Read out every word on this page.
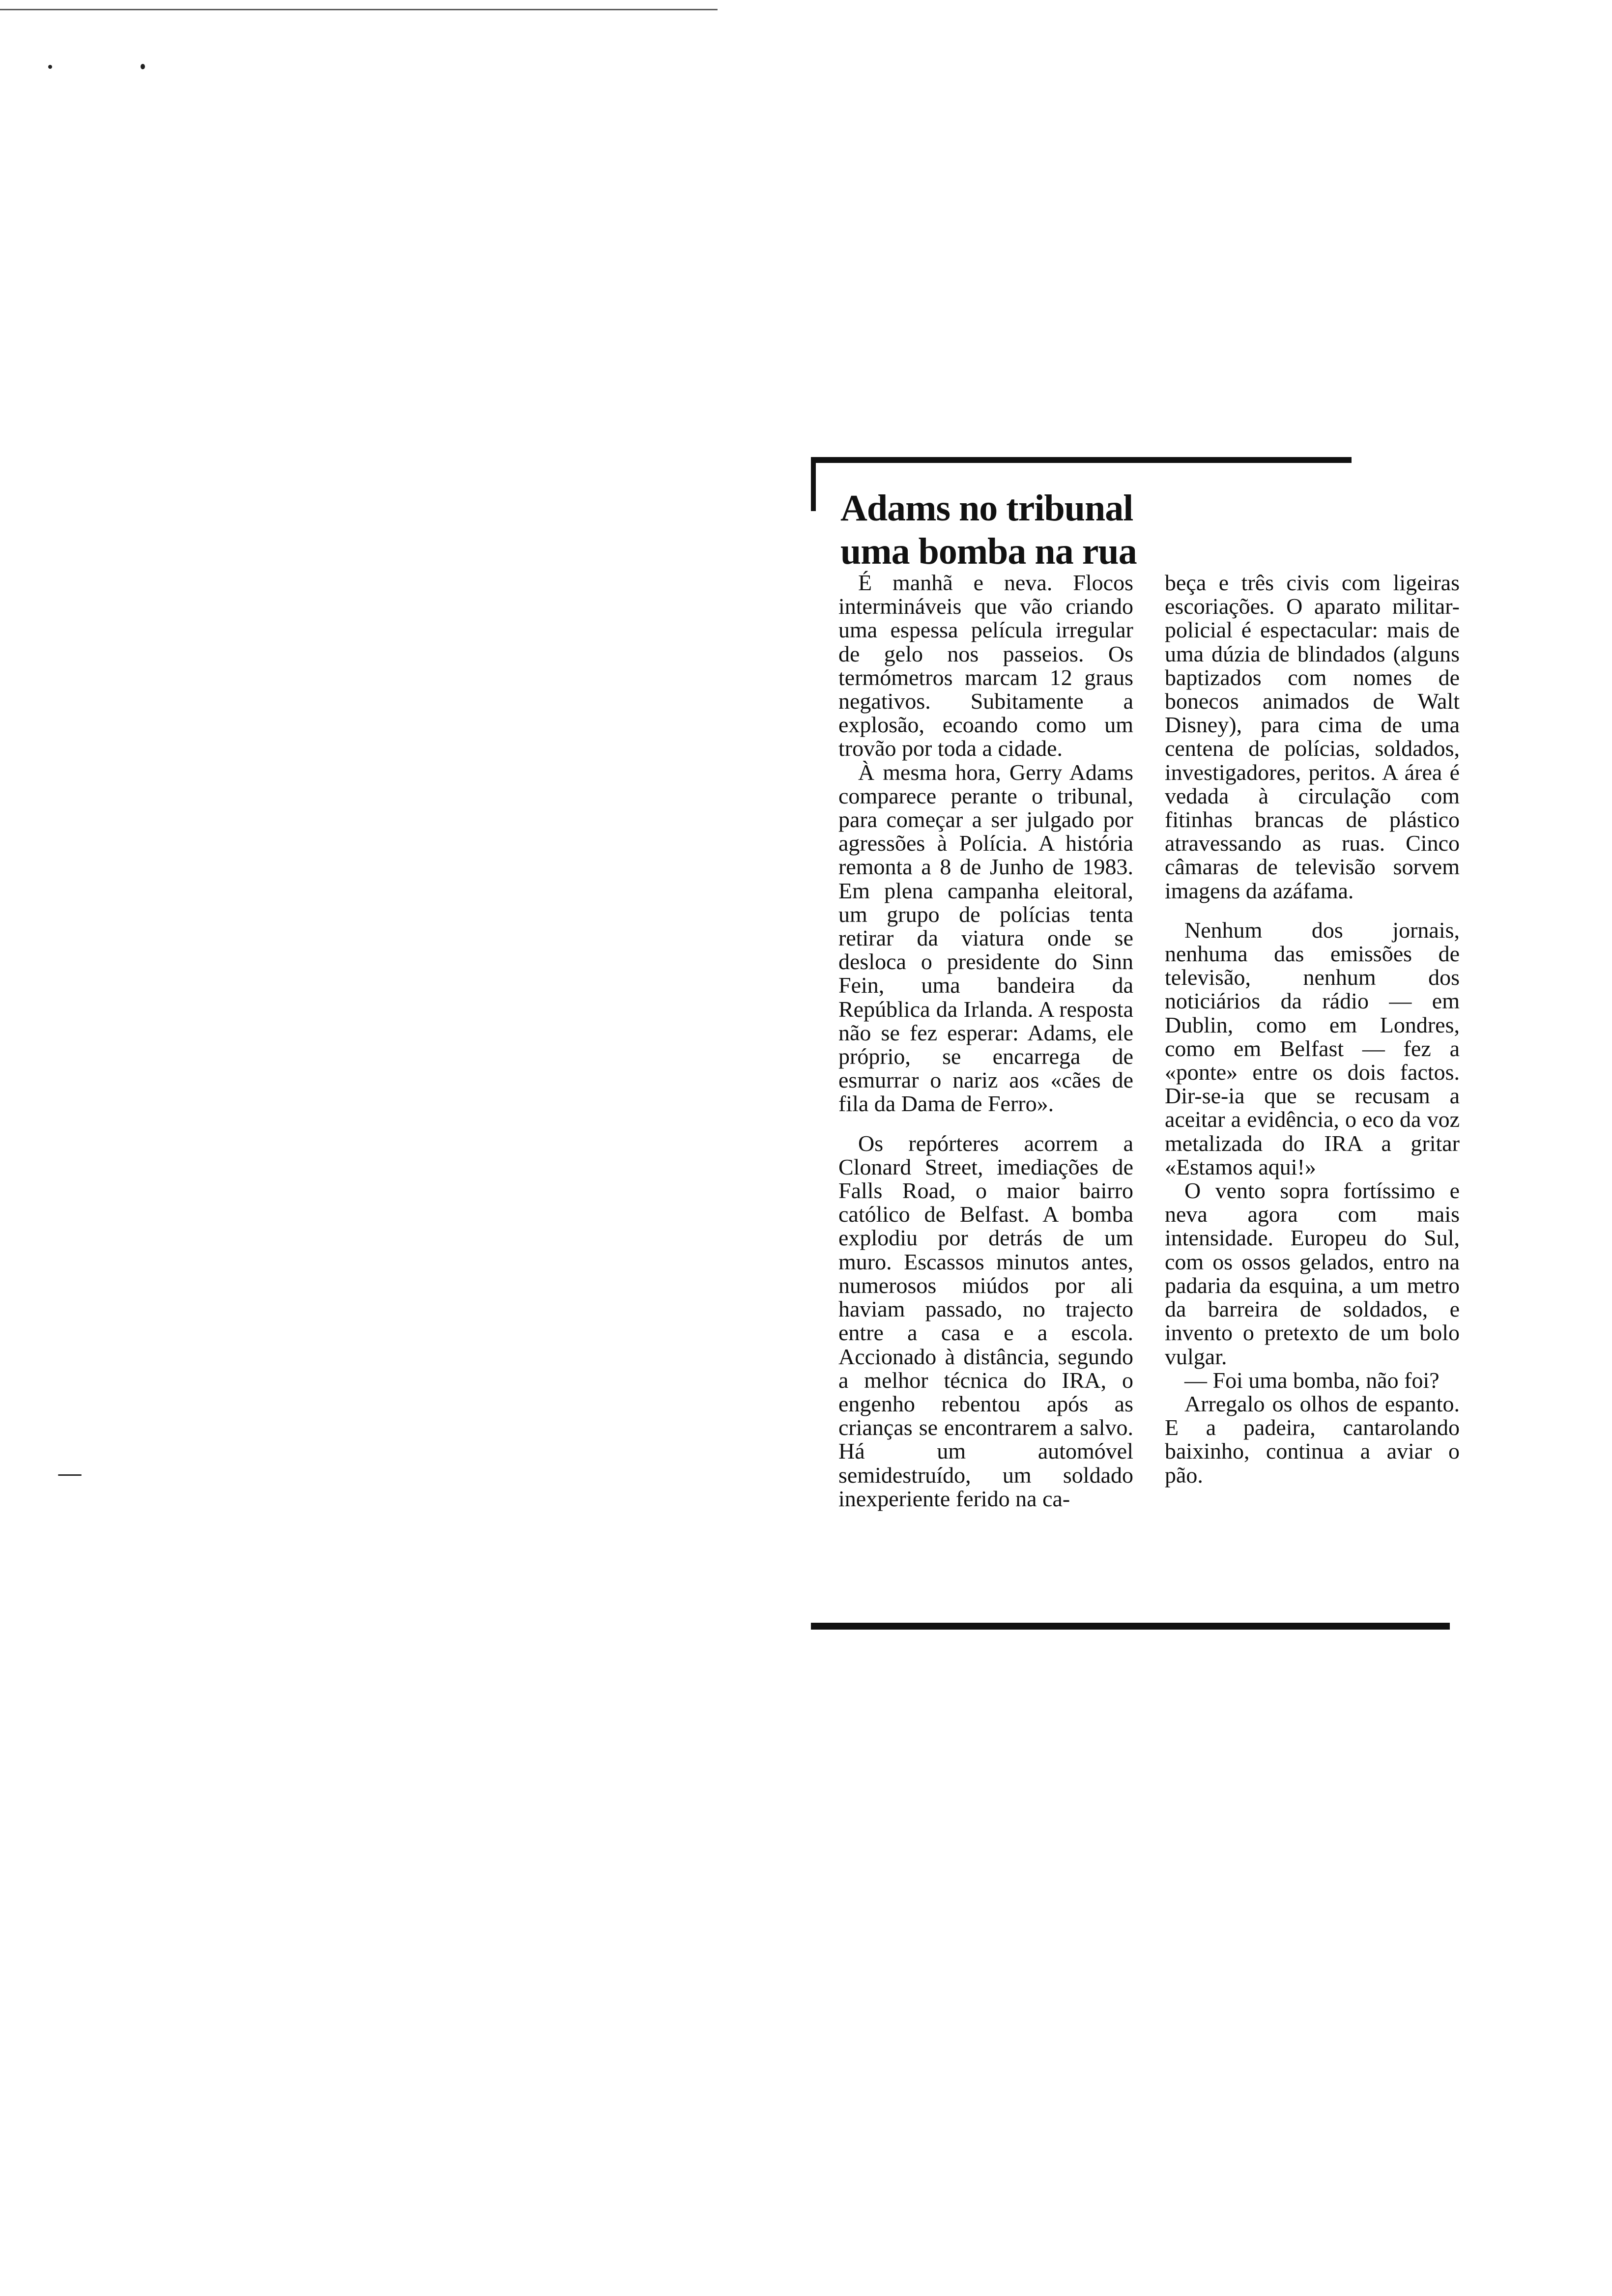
Adams no tribunal
uma bomba na rua

É manhã e neva. Flocos intermináveis que vão criando uma espessa película irregular de gelo nos passeios. Os termómetros marcam 12 graus negativos. Subitamente a explosão, ecoando como um trovão por toda a cidade.

À mesma hora, Gerry Adams comparece perante o tribunal, para começar a ser julgado por agressões à Polícia. A história remonta a 8 de Junho de 1983. Em plena campanha eleitoral, um grupo de polícias tenta retirar da viatura onde se desloca o presidente do Sinn Fein, uma bandeira da República da Irlanda. A resposta não se fez esperar: Adams, ele próprio, se encarrega de esmurrar o nariz aos «cães de fila da Dama de Ferro».

Os repórteres acorrem a Clonard Street, imediações de Falls Road, o maior bairro católico de Belfast. A bomba explodiu por detrás de um muro. Escassos minutos antes, numerosos miúdos por ali haviam passado, no trajecto entre a casa e a escola. Accionado à distância, segundo a melhor técnica do IRA, o engenho rebentou após as crianças se encontrarem a salvo. Há um automóvel semidestruído, um soldado inexperiente ferido na ca-

beça e três civis com ligeiras escoriações. O aparato militar-policial é espectacular: mais de uma dúzia de blindados (alguns baptizados com nomes de bonecos animados de Walt Disney), para cima de uma centena de polícias, soldados, investigadores, peritos. A área é vedada à circulação com fitinhas brancas de plástico atravessando as ruas. Cinco câmaras de televisão sorvem imagens da azáfama.

Nenhum dos jornais, nenhuma das emissões de televisão, nenhum dos noticiários da rádio — em Dublin, como em Londres, como em Belfast — fez a «ponte» entre os dois factos. Dir-se-ia que se recusam a aceitar a evidência, o eco da voz metalizada do IRA a gritar «Estamos aqui!»

O vento sopra fortíssimo e neva agora com mais intensidade. Europeu do Sul, com os ossos gelados, entro na padaria da esquina, a um metro da barreira de soldados, e invento o pretexto de um bolo vulgar.

— Foi uma bomba, não foi?

Arregalo os olhos de espanto. E a padeira, cantarolando baixinho, continua a aviar o pão.
